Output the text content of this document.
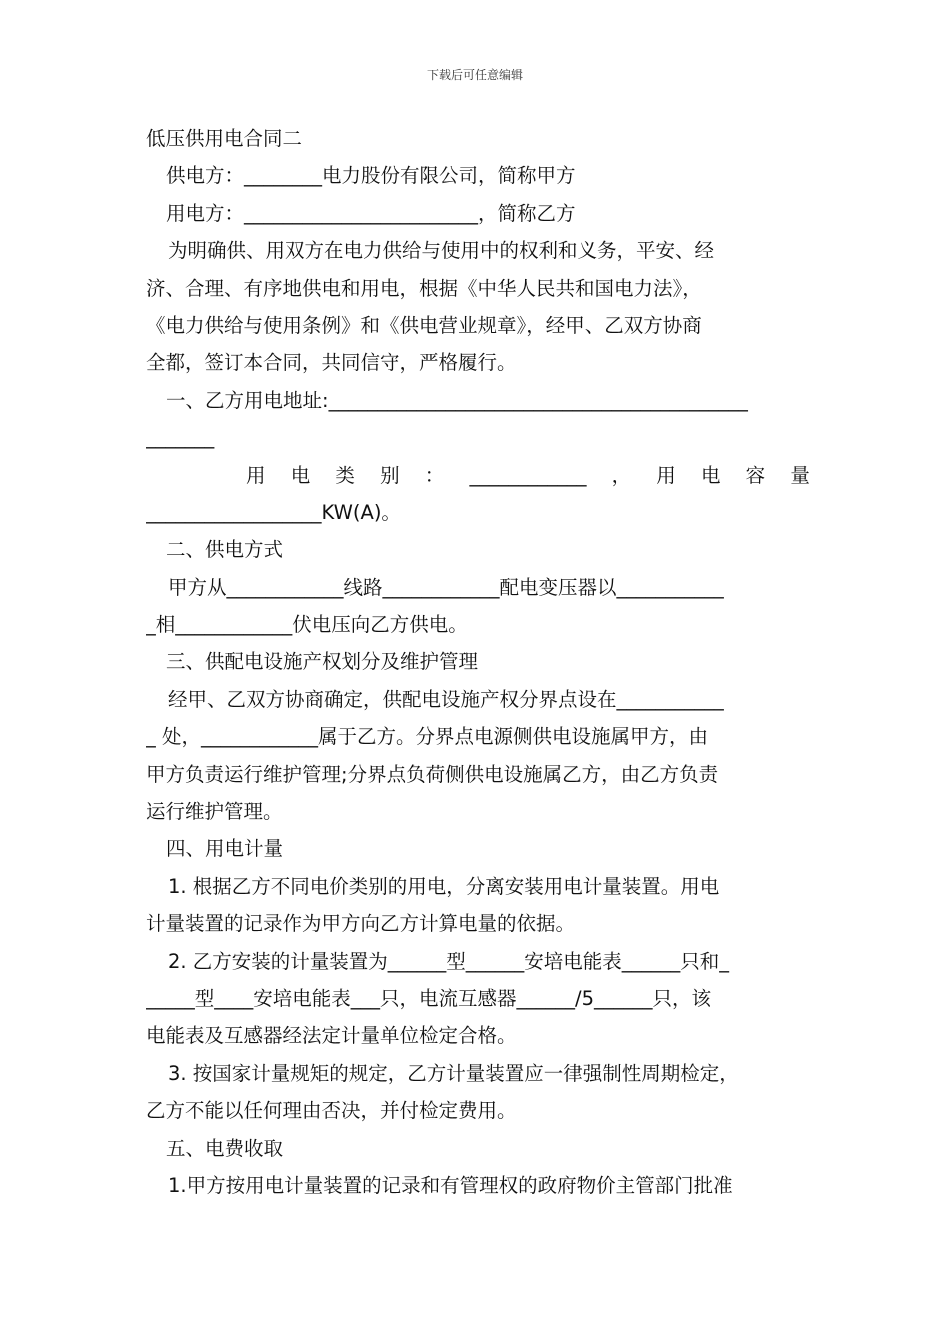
下载后可任意编辑
低压供用电合同二
供电方：________电力股份有限公司，简称甲方
用电方：________________________，简称乙方
为明确供、用双方在电力供给与使用中的权利和义务，平安、经
济、合理、有序地供电和用电，根据《中华人民共和国电力法》，
《电力供给与使用条例》和《供电营业规章》，经甲、乙双方协商
全都，签订本合同，共同信守，严格履行。
一、乙方用电地址:___________________________________________
_______
用 电 类 别 ： ____________ ， 用 电 容 量
__________________KW(A)。
二、供电方式
甲方从____________线路____________配电变压器以___________
_相____________伏电压向乙方供电。
三、供配电设施产权划分及维护管理
经甲、乙双方协商确定，供配电设施产权分界点设在___________
_ 处，____________属于乙方。分界点电源侧供电设施属甲方，由
甲方负责运行维护管理;分界点负荷侧供电设施属乙方，由乙方负责
运行维护管理。
四、用电计量
1. 根据乙方不同电价类别的用电，分离安装用电计量装置。用电
计量装置的记录作为甲方向乙方计算电量的依据。
2. 乙方安装的计量装置为______型______安培电能表______只和_
_____型____安培电能表___只，电流互感器______/5______只，该
电能表及互感器经法定计量单位检定合格。
3. 按国家计量规矩的规定，乙方计量装置应一律强制性周期检定，
乙方不能以任何理由否决，并付检定费用。
五、电费收取
1.甲方按用电计量装置的记录和有管理权的政府物价主管部门批准
